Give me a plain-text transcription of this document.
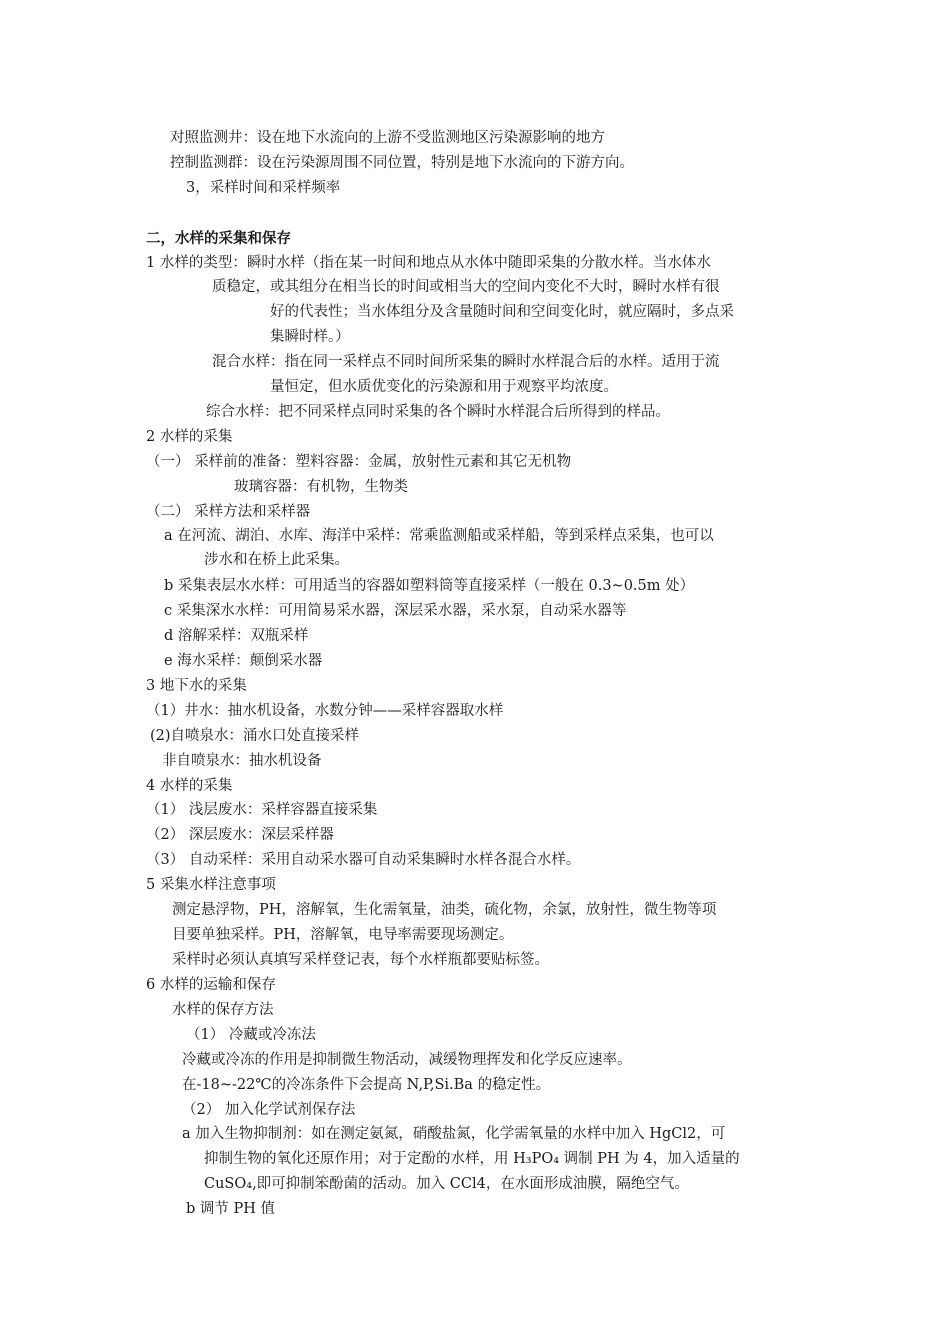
对照监测井：设在地下水流向的上游不受监测地区污染源影响的地方
控制监测群：设在污染源周围不同位置，特别是地下水流向的下游方向。
3，采样时间和采样频率
二，水样的采集和保存
1 水样的类型：瞬时水样（指在某一时间和地点从水体中随即采集的分散水样。当水体水
质稳定，或其组分在相当长的时间或相当大的空间内变化不大时，瞬时水样有很
好的代表性；当水体组分及含量随时间和空间变化时，就应隔时，多点采
集瞬时样。）
混合水样：指在同一采样点不同时间所采集的瞬时水样混合后的水样。适用于流
量恒定，但水质优变化的污染源和用于观察平均浓度。
综合水样：把不同采样点同时采集的各个瞬时水样混合后所得到的样品。
2 水样的采集
（一） 采样前的准备：塑料容器：金属，放射性元素和其它无机物
玻璃容器：有机物，生物类
（二） 采样方法和采样器
a 在河流、湖泊、水库、海洋中采样：常乘监测船或采样船，等到采样点采集，也可以
涉水和在桥上此采集。
b 采集表层水水样：可用适当的容器如塑料筒等直接采样（一般在 0.3~0.5m 处）
c 采集深水水样：可用简易采水器，深层采水器，采水泵，自动采水器等
d 溶解采样：双瓶采样
e 海水采样：颠倒采水器
3 地下水的采集
（1）井水：抽水机设备，水数分钟——采样容器取水样
(2)自喷泉水：涌水口处直接采样
非自喷泉水：抽水机设备
4 水样的采集
（1） 浅层废水：采样容器直接采集
（2） 深层废水：深层采样器
（3） 自动采样：采用自动采水器可自动采集瞬时水样各混合水样。
5 采集水样注意事项
测定悬浮物，PH，溶解氧，生化需氧量，油类，硫化物，余氯，放射性，微生物等项
目要单独采样。PH，溶解氧，电导率需要现场测定。
采样时必须认真填写采样登记表，每个水样瓶都要贴标签。
6 水样的运输和保存
水样的保存方法
（1） 冷藏或冷冻法
冷藏或冷冻的作用是抑制微生物活动，减缓物理挥发和化学反应速率。
在-18~-22℃的冷冻条件下会提高 N,P,Si.Ba 的稳定性。
（2） 加入化学试剂保存法
a 加入生物抑制剂：如在测定氨氮，硝酸盐氮，化学需氧量的水样中加入 HgCl2，可
抑制生物的氧化还原作用；对于定酚的水样，用 H₃PO₄ 调制 PH 为 4，加入适量的
CuSO₄,即可抑制笨酚菌的活动。加入 CCl4，在水面形成油膜，隔绝空气。
b 调节 PH 值
